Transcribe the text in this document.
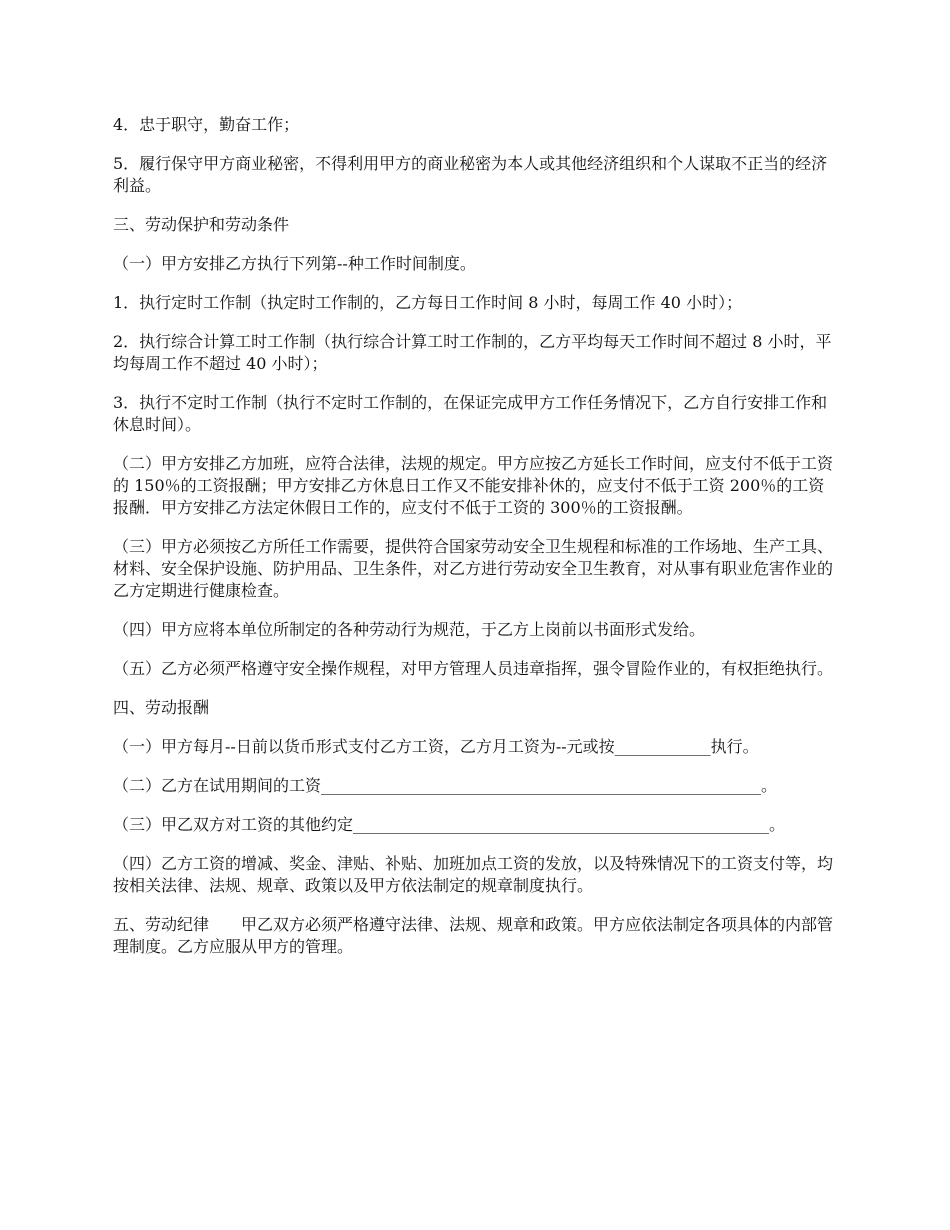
4．忠于职守，勤奋工作；

5．履行保守甲方商业秘密，不得利用甲方的商业秘密为本人或其他经济组织和个人谋取不正当的经济利益。

三、劳动保护和劳动条件

（一）甲方安排乙方执行下列第--种工作时间制度。

1．执行定时工作制（执定时工作制的，乙方每日工作时间 8 小时，每周工作 40 小时）；

2．执行综合计算工时工作制（执行综合计算工时工作制的，乙方平均每天工作时间不超过 8 小时，平均每周工作不超过 40 小时）；

3．执行不定时工作制（执行不定时工作制的，在保证完成甲方工作任务情况下，乙方自行安排工作和休息时间）。

（二）甲方安排乙方加班，应符合法律，法规的规定。甲方应按乙方延长工作时间，应支付不低于工资的 150％的工资报酬；甲方安排乙方休息日工作又不能安排补休的，应支付不低于工资 200％的工资报酬．甲方安排乙方法定休假日工作的，应支付不低于工资的 300％的工资报酬。

（三）甲方必须按乙方所任工作需要，提供符合国家劳动安全卫生规程和标准的工作场地、生产工具、材料、安全保护设施、防护用品、卫生条件，对乙方进行劳动安全卫生教育，对从事有职业危害作业的乙方定期进行健康检查。

（四）甲方应将本单位所制定的各种劳动行为规范，于乙方上岗前以书面形式发给。

（五）乙方必须严格遵守安全操作规程，对甲方管理人员违章指挥，强令冒险作业的，有权拒绝执行。

四、劳动报酬

（一）甲方每月--日前以货币形式支付乙方工资，乙方月工资为--元或按____________执行。

（二）乙方在试用期间的工资_______________________________________________________。

（三）甲乙双方对工资的其他约定____________________________________________________。

（四）乙方工资的增减、奖金、津贴、补贴、加班加点工资的发放，以及特殊情况下的工资支付等，均按相关法律、法规、规章、政策以及甲方依法制定的规章制度执行。

五、劳动纪律　　甲乙双方必须严格遵守法律、法规、规章和政策。甲方应依法制定各项具体的内部管理制度。乙方应服从甲方的管理。
